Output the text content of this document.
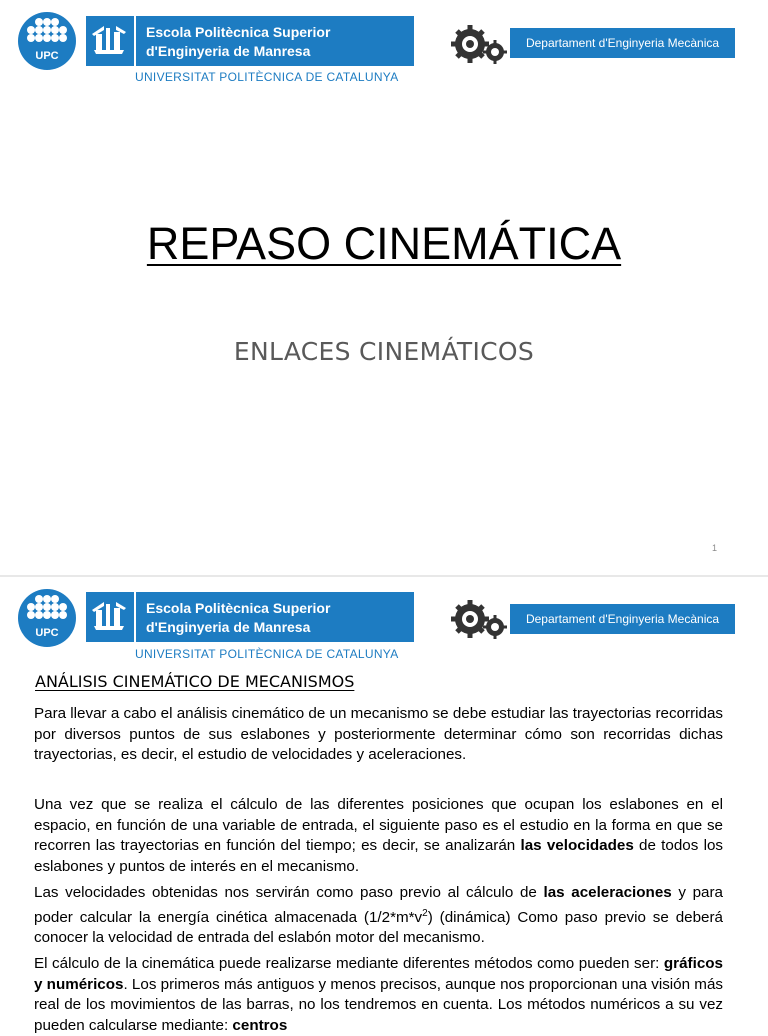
UPC
Escola Politècnica Superior
d'Enginyeria de Manresa
UNIVERSITAT POLITÈCNICA DE CATALUNYA
Departament d'Enginyeria Mecànica
REPASO CINEMÁTICA
ENLACES CINEMÁTICOS
1
UPC
Escola Politècnica Superior
d'Enginyeria de Manresa
UNIVERSITAT POLITÈCNICA DE CATALUNYA
Departament d'Enginyeria Mecànica
ANÁLISIS CINEMÁTICO DE MECANISMOS

Para llevar a cabo el análisis cinemático de un mecanismo se debe estudiar las trayectorias recorridas por diversos puntos de sus eslabones y posteriormente determinar cómo son recorridas dichas trayectorias, es decir, el estudio de velocidades y aceleraciones.

Una vez que se realiza el cálculo de las diferentes posiciones que ocupan los eslabones en el espacio, en función de una variable de entrada, el siguiente paso es el estudio en la forma en que se recorren las trayectorias en función del tiempo; es decir, se analizarán las velocidades de todos los eslabones y puntos de interés en el mecanismo.

Las velocidades obtenidas nos servirán como paso previo al cálculo de las aceleraciones y para poder calcular la energía cinética almacenada $(1/2*m*v^2)$ (dinámica) Como paso previo se deberá conocer la velocidad de entrada del eslabón motor del mecanismo.

El cálculo de la cinemática puede realizarse mediante diferentes métodos como pueden ser: gráficos y numéricos. Los primeros más antiguos y menos precisos, aunque nos proporcionan una visión más real de los movimientos de las barras, no los tendremos en cuenta. Los métodos numéricos a su vez pueden calcularse mediante: centros
